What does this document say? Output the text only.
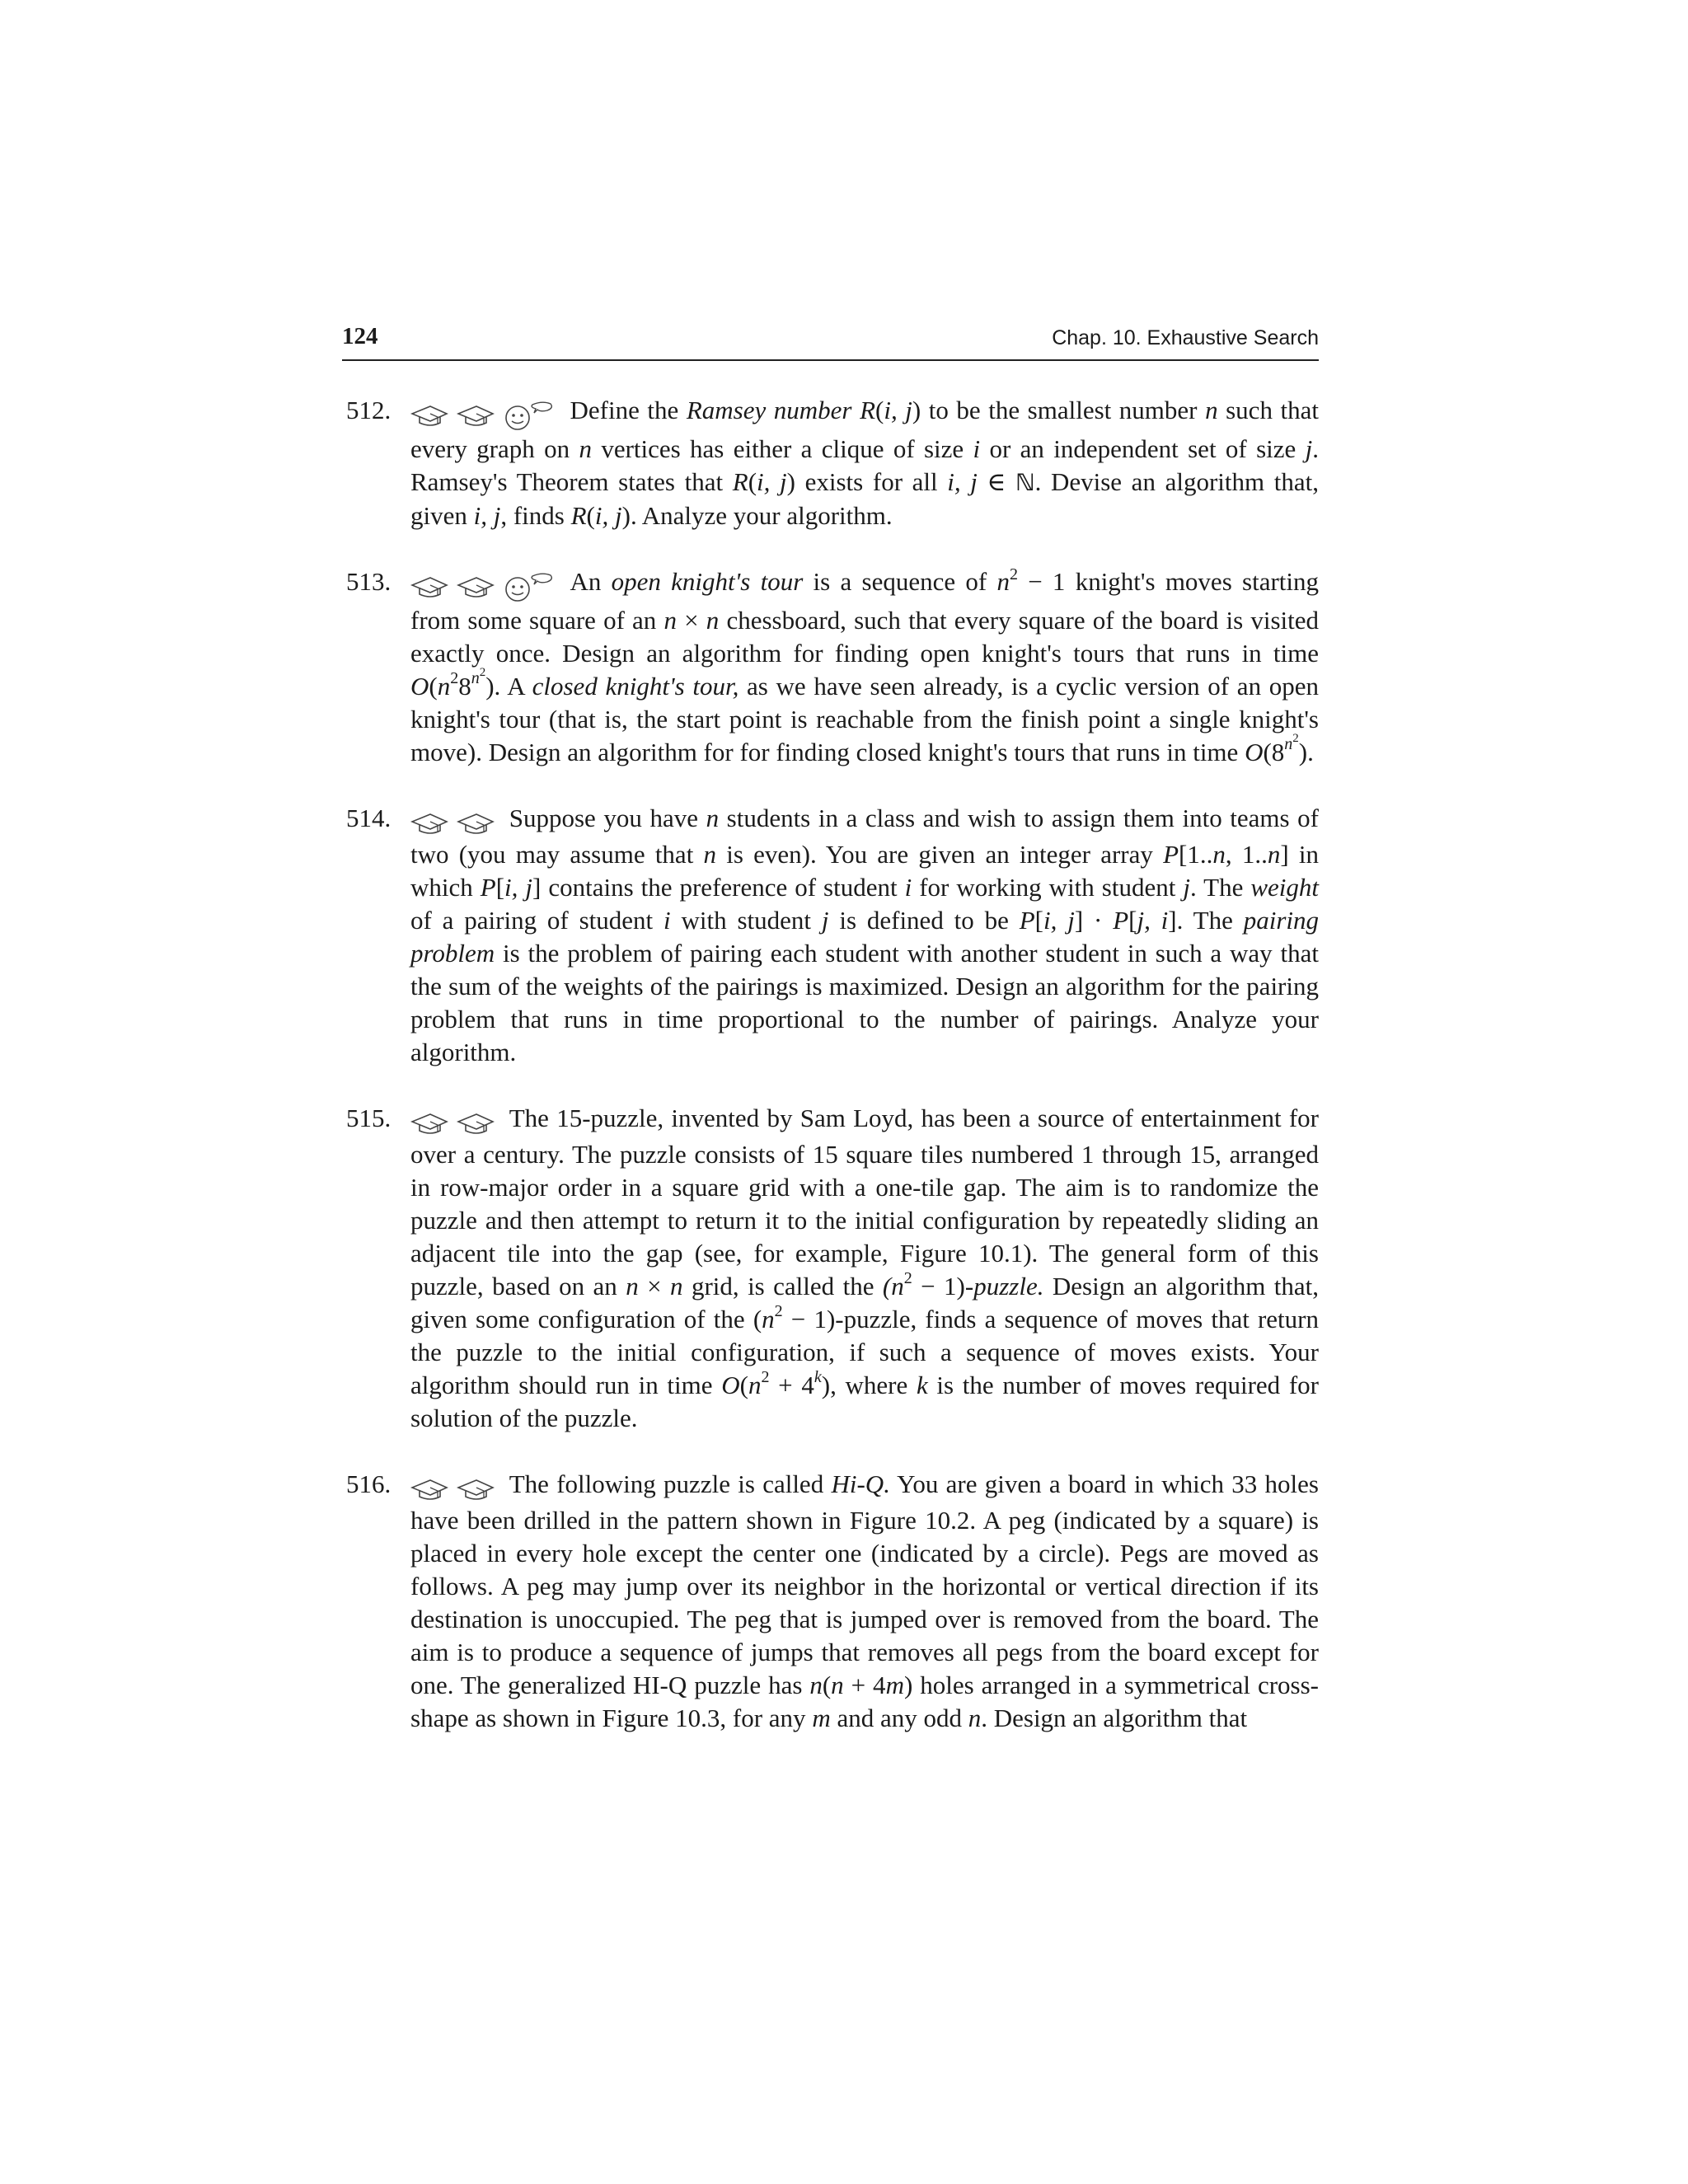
124	Chap. 10. Exhaustive Search
512.	Define the Ramsey number R(i, j) to be the smallest number n such that every graph on n vertices has either a clique of size i or an independent set of size j. Ramsey's Theorem states that R(i, j) exists for all i, j ∈ ℕ. Devise an algorithm that, given i, j, finds R(i, j). Analyze your algorithm.
513.	An open knight's tour is a sequence of $n^2 - 1$ knight's moves starting from some square of an n × n chessboard, such that every square of the board is visited exactly once. Design an algorithm for finding open knight's tours that runs in time $O(n^28^{n^2})$. A closed knight's tour, as we have seen already, is a cyclic version of an open knight's tour (that is, the start point is reachable from the finish point a single knight's move). Design an algorithm for for finding closed knight's tours that runs in time $O(8^{n^2})$.
514.	Suppose you have n students in a class and wish to assign them into teams of two (you may assume that n is even). You are given an integer array P[1..n, 1..n] in which P[i, j] contains the preference of student i for working with student j. The weight of a pairing of student i with student j is defined to be P[i, j] · P[j, i]. The pairing problem is the problem of pairing each student with another student in such a way that the sum of the weights of the pairings is maximized. Design an algorithm for the pairing problem that runs in time proportional to the number of pairings. Analyze your algorithm.
515.	The 15-puzzle, invented by Sam Loyd, has been a source of entertainment for over a century. The puzzle consists of 15 square tiles numbered 1 through 15, arranged in row-major order in a square grid with a one-tile gap. The aim is to randomize the puzzle and then attempt to return it to the initial configuration by repeatedly sliding an adjacent tile into the gap (see, for example, Figure 10.1). The general form of this puzzle, based on an n × n grid, is called the ($n^2$ − 1)-puzzle. Design an algorithm that, given some configuration of the ($n^2$ − 1)-puzzle, finds a sequence of moves that return the puzzle to the initial configuration, if such a sequence of moves exists. Your algorithm should run in time $O(n^2 + 4^k)$, where k is the number of moves required for solution of the puzzle.
516.	The following puzzle is called Hi-Q. You are given a board in which 33 holes have been drilled in the pattern shown in Figure 10.2. A peg (indicated by a square) is placed in every hole except the center one (indicated by a circle). Pegs are moved as follows. A peg may jump over its neighbor in the horizontal or vertical direction if its destination is unoccupied. The peg that is jumped over is removed from the board. The aim is to produce a sequence of jumps that removes all pegs from the board except for one. The generalized HI-Q puzzle has n(n + 4m) holes arranged in a symmetrical cross-shape as shown in Figure 10.3, for any m and any odd n. Design an algorithm that
